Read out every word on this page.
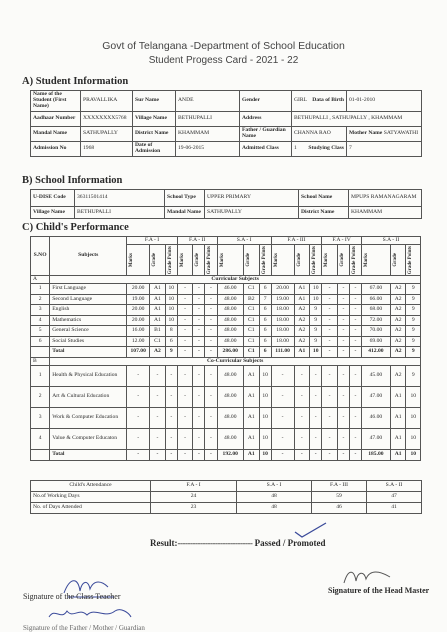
Govt of Telangana -Department of School Education
Student Progess Card - 2021 - 22
A) Student Information
Name of the Student (First Name)	PRAVALLIKA	Sur Name	ANDE	Gender	GIRL Data of Birth	01-01-2010
Aadhaar Number	XXXXXXXX5768	Village Name	BETHUPALLI	Address	BETHUPALLI , SATHUPALLY , KHAMMAM	
Mandal Name	SATHUPALLY	District Name	KHAMMAM	Father / Guardian Name	CHANNA RAO	Mother Name SATYAWATHI
Admission No	1968	Date of Admission	19-06-2015	Admitted Class	1 Studying Class	7
B) School Information
U-DISE Code	36311501414	School Type	UPPER PRIMARY	School Name	MPUPS RAMANAGARAM
Village Name	BETHUPALLI	Mandal Name	SATHUPALLY	District Name	KHAMMAM
C) Child's Performance
S.NO	Subjects	F.A - I			F.A - II			S.A - I			F.A - III			F.A - IV			S.A - II		

		Marks	Grade	Grade Points	Marks	Grade	Grade Points	Marks	Grade	Grade Points	Marks	Grade	Grade Points	Marks	Grade	Grade Points	Marks	Grade	Grade Points

A	Curricular Subjects																		
1	First Language	20.00	A1	10	-	-	-	46.00	C1	6	20.00	A1	10	-	-	-	67.00	A2	9
2	Second Language	19.00	A1	10	-	-	-	48.00	B2	7	19.00	A1	10	-	-	-	66.00	A2	9
3	English	20.00	A1	10	-	-	-	48.00	C1	6	18.00	A2	9	-	-	-	68.00	A2	9
4	Mathematics	20.00	A1	10	-	-	-	48.00	C1	6	18.00	A2	9	-	-	-	72.00	A2	9
5	General Science	16.00	B1	8	-	-	-	48.00	C1	6	18.00	A2	9	-	-	-	70.00	A2	9
6	Social Studies	12.00	C1	6	-	-	-	48.00	C1	6	18.00	A2	9	-	-	-	69.00	A2	9
	Total	107.00	A2	9	-	-	-	286.00	C1	6	111.00	A1	10	-	-	-	412.00	A2	9
B	Co-Curricular Subjects																		
1	Health & Physical Education	-	-	-	-	-	-	48.00	A1	10	-	-	-	-	-	-	45.00	A2	9
2	Art & Cultural Education	-	-	-	-	-	-	48.00	A1	10	-	-	-	-	-	-	47.00	A1	10
3	Work & Computer Education	-	-	-	-	-	-	48.00	A1	10	-	-	-	-	-	-	46.00	A1	10
4	Value & Computer Educaton	-	-	-	-	-	-	48.00	A1	10	-	-	-	-	-	-	47.00	A1	10
	Total	-	-	-	-	-	-	192.00	A1	10	-	-	-	-	-	-	185.00	A1	10
Child's Attendance	F.A - I	S.A - I	F.A - III	S.A - II
No.of Working Days	24	48	59	47
No. of Days Attended	23	48	46	41
Result:------------------------------ Passed / Promoted
Signature of the Class Teacher
Signature of the Head Master
Signature of the Father / Mother / Guardian
